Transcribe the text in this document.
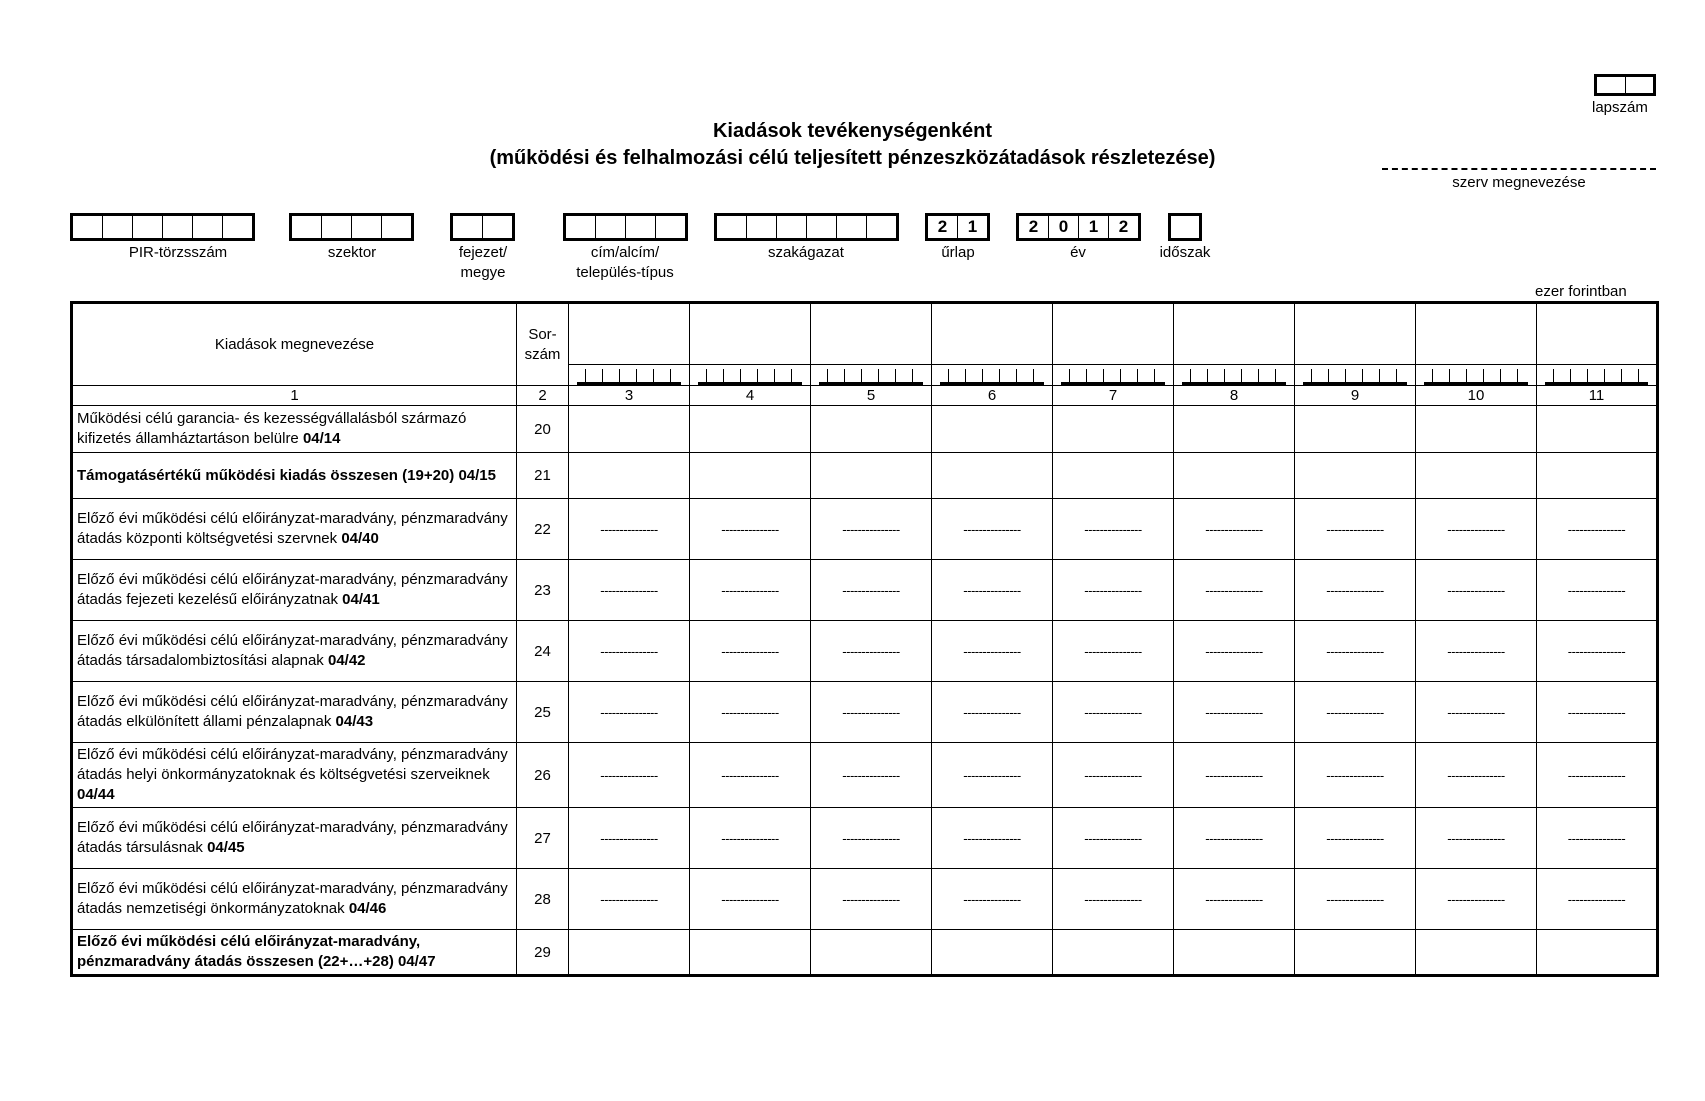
Kiadások tevékenységenként
(működési és felhalmozási célú teljesített pénzeszközátadások részletezése)
lapszám
szerv megnevezése
PIR-törzsszám	szektor	fejezet/
megye
cím/alcím/
település-típus
szakágazat
2	1
űrlap
2	0	1	2
év	időszak
ezer forintban
Kiadások megnevezése	Sor-
szám									

1	2	3	4	5	6	7	8	9	10	11
Működési célú garancia- és kezességvállalásból származó kifizetés államháztartáson belülre 04/14	20									
Támogatásértékű működési kiadás összesen (19+20) 04/15	21									
Előző évi működési célú előirányzat-maradvány, pénzmaradvány átadás központi költségvetési szervnek 04/40	22	---------------	---------------	---------------	---------------	---------------	---------------	---------------	---------------	---------------
Előző évi működési célú előirányzat-maradvány, pénzmaradvány átadás fejezeti kezelésű előirányzatnak 04/41	23	---------------	---------------	---------------	---------------	---------------	---------------	---------------	---------------	---------------
Előző évi működési célú előirányzat-maradvány, pénzmaradvány átadás társadalombiztosítási alapnak 04/42	24	---------------	---------------	---------------	---------------	---------------	---------------	---------------	---------------	---------------
Előző évi működési célú előirányzat-maradvány, pénzmaradvány átadás elkülönített állami pénzalapnak 04/43	25	---------------	---------------	---------------	---------------	---------------	---------------	---------------	---------------	---------------
Előző évi működési célú előirányzat-maradvány, pénzmaradvány átadás helyi önkormányzatoknak és költségvetési szerveiknek 04/44	26	---------------	---------------	---------------	---------------	---------------	---------------	---------------	---------------	---------------
Előző évi működési célú előirányzat-maradvány, pénzmaradvány átadás társulásnak 04/45	27	---------------	---------------	---------------	---------------	---------------	---------------	---------------	---------------	---------------
Előző évi működési célú előirányzat-maradvány, pénzmaradvány átadás nemzetiségi önkormányzatoknak 04/46	28	---------------	---------------	---------------	---------------	---------------	---------------	---------------	---------------	---------------
Előző évi működési célú előirányzat-maradvány, pénzmaradvány átadás összesen (22+…+28) 04/47	29									
